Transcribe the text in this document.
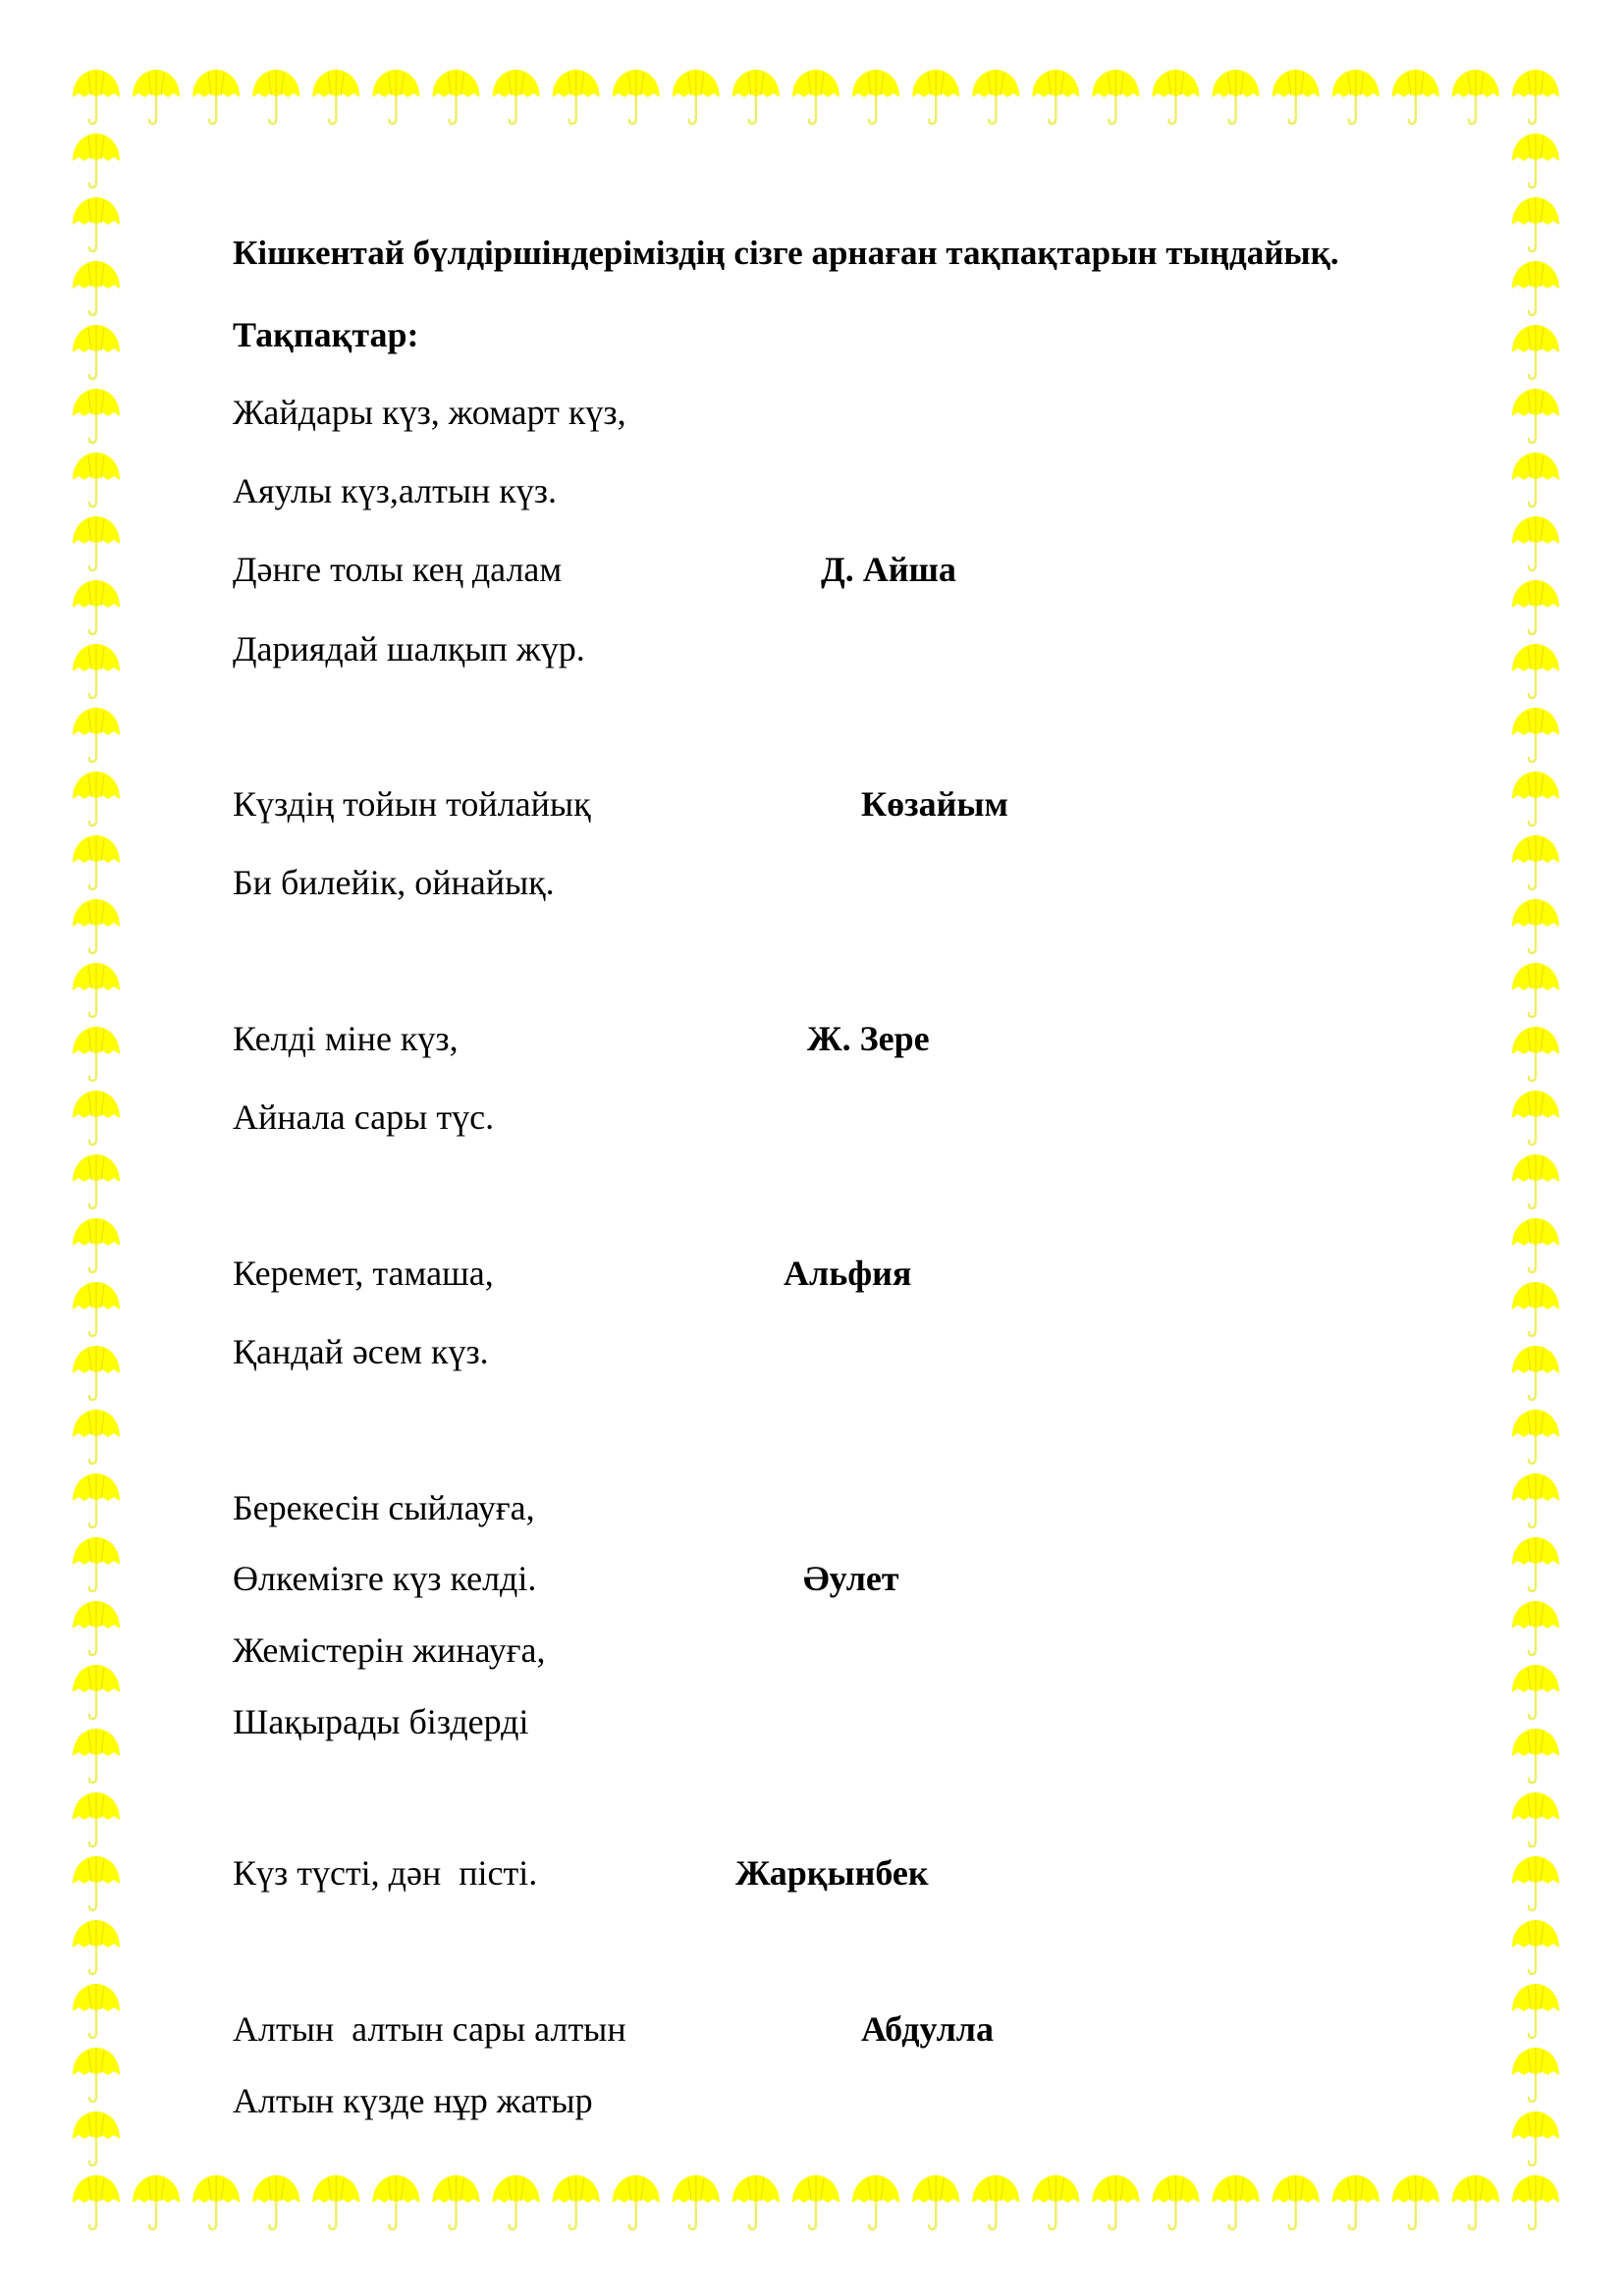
Кішкентай бүлдіршіндеріміздің сізге арнаған тақпақтарын тыңдайық.
Тақпақтар:
Жайдары күз, жомарт күз,
Аяулы күз,алтын күз.
Дәнге толы кең далам
Дариядай шалқып жүр.
Д. Айша
Күздің тойын тойлайық
Би билейік, ойнайық.
Көзайым
Келді міне күз,
Айнала сары түс.
Ж. Зере
Керемет, тамаша,
Қандай әсем күз.
Альфия
Берекесін сыйлауға,
Өлкемізге күз келді.
Жемістерін жинауға,
Шақырады біздерді
Әулет
Күз түсті, дән  пісті.	Жарқынбек
Алтын  алтын сары алтын
Алтын күзде нұр жатыр
Абдулла
